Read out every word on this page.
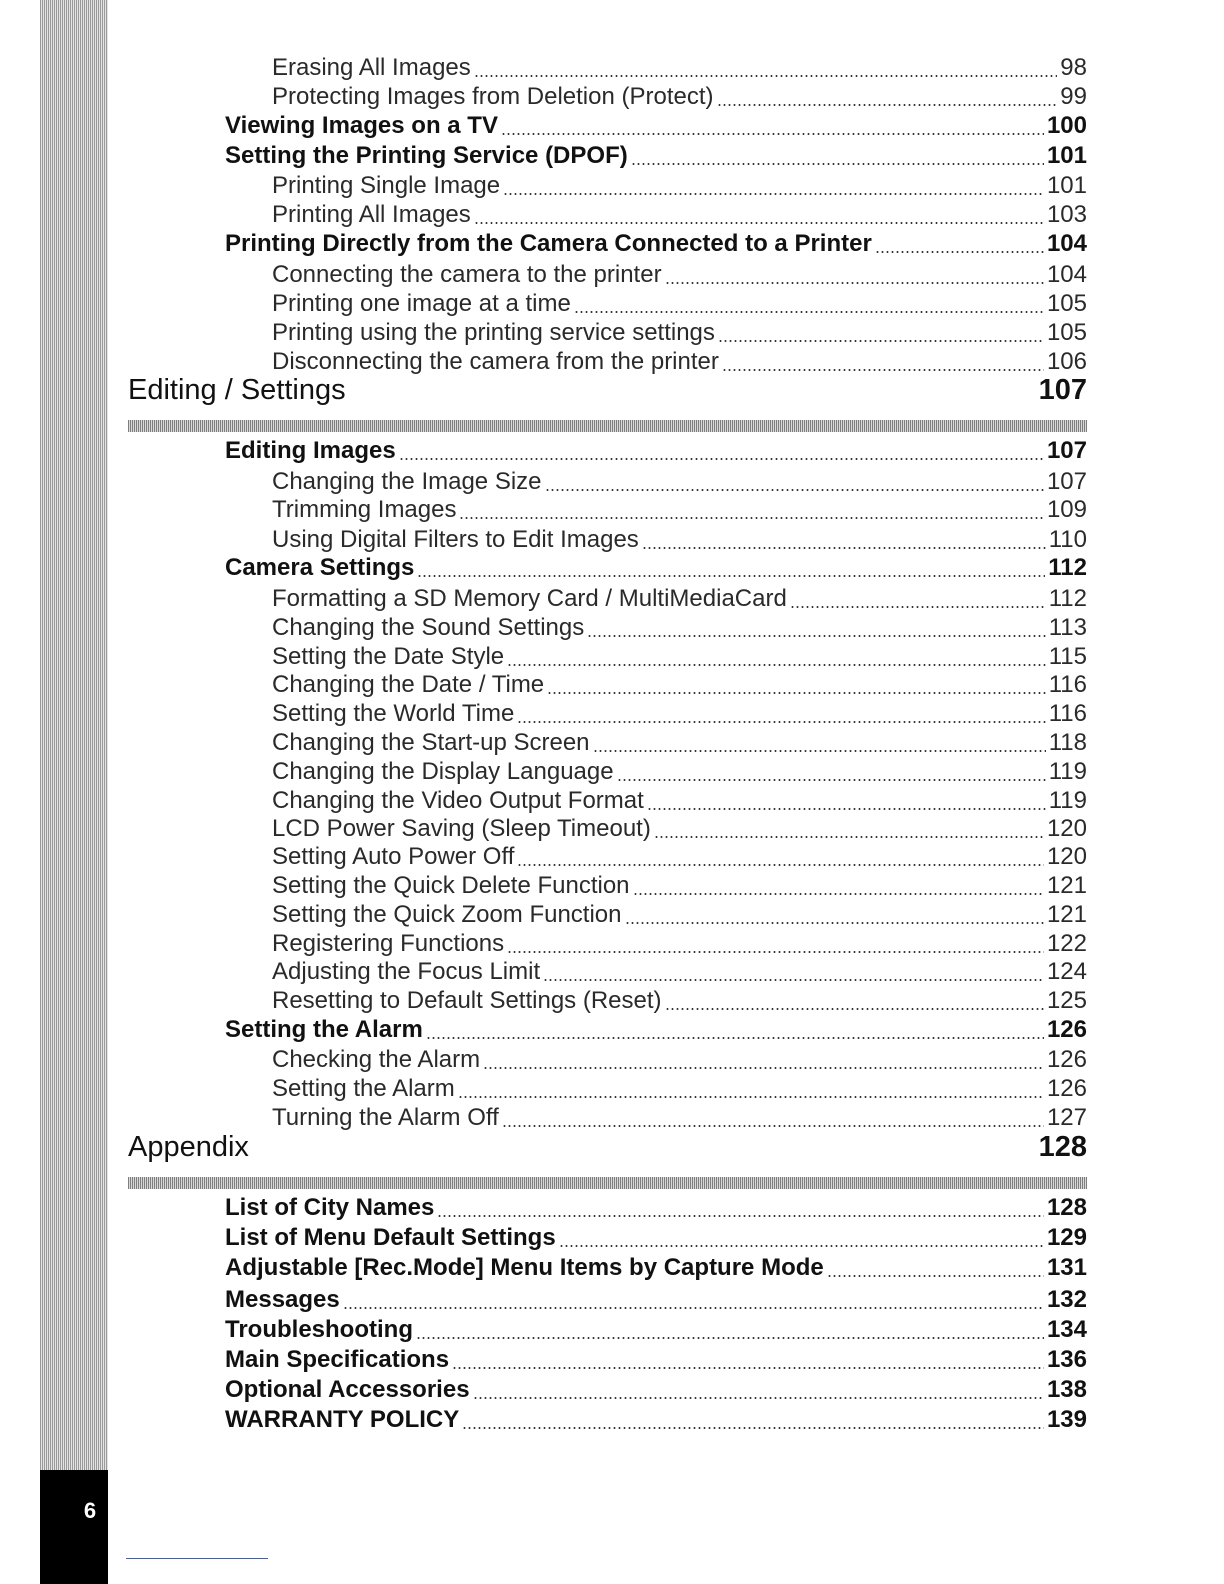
6
Erasing All Images	98
Protecting Images from Deletion (Protect)	99
Viewing Images on a TV	100
Setting the Printing Service (DPOF)	101
Printing Single Image	101
Printing All Images	103
Printing Directly from the Camera Connected to a Printer	104
Connecting the camera to the printer	104
Printing one image at a time	105
Printing using the printing service settings	105
Disconnecting the camera from the printer	106
Editing / Settings	107
Editing Images	107
Changing the Image Size	107
Trimming Images	109
Using Digital Filters to Edit Images	110
Camera Settings	112
Formatting a SD Memory Card / MultiMediaCard	112
Changing the Sound Settings	113
Setting the Date Style	115
Changing the Date / Time	116
Setting the World Time	116
Changing the Start-up Screen	118
Changing the Display Language	119
Changing the Video Output Format	119
LCD Power Saving (Sleep Timeout)	120
Setting Auto Power Off	120
Setting the Quick Delete Function	121
Setting the Quick Zoom Function	121
Registering Functions	122
Adjusting the Focus Limit	124
Resetting to Default Settings (Reset)	125
Setting the Alarm	126
Checking the Alarm	126
Setting the Alarm	126
Turning the Alarm Off	127
Appendix	128
List of City Names	128
List of Menu Default Settings	129
Adjustable [Rec.Mode] Menu Items by Capture Mode	131
Messages	132
Troubleshooting	134
Main Specifications	136
Optional Accessories	138
WARRANTY POLICY	139
